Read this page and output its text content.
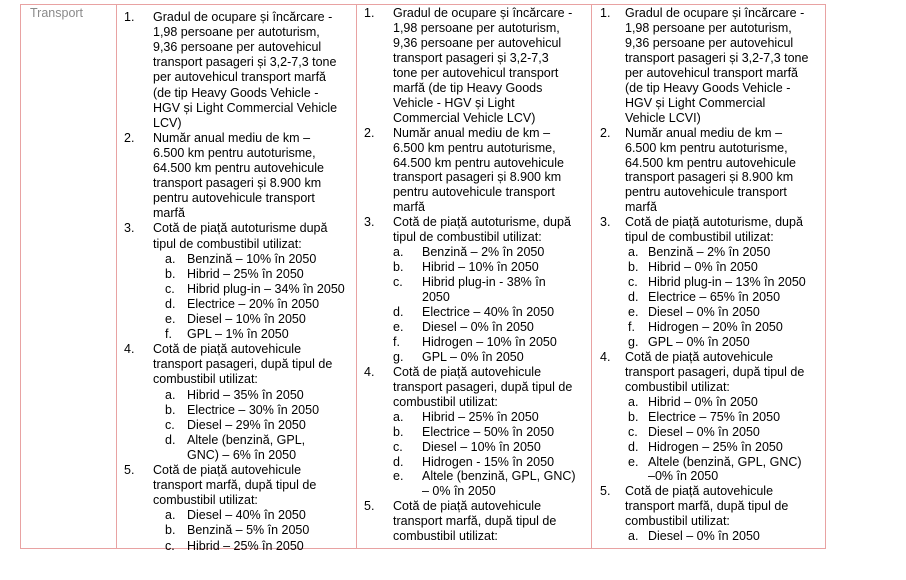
Transport	1. Gradul de ocupare și încărcare -
1,98 persoane per autoturism,
9,36 persoane per autovehicul
transport pasageri și 3,2-7,3 tone
per autovehicul transport marfă
(de tip Heavy Goods Vehicle -
HGV și Light Commercial Vehicle
LCV)
2. Număr anual mediu de km –
6.500 km pentru autoturisme,
64.500 km pentru autovehicule
transport pasageri și 8.900 km
pentru autovehicule transport
marfă
3. Cotă de piață autoturisme după
tipul de combustibil utilizat:
a. Benzină – 10% în 2050
b. Hibrid – 25% în 2050
c. Hibrid plug-in – 34% în 2050
d. Electrice – 20% în 2050
e. Diesel – 10% în 2050
f. GPL – 1% în 2050
4. Cotă de piață autovehicule
transport pasageri, după tipul de
combustibil utilizat:
a. Hibrid – 35% în 2050
b. Electrice – 30% în 2050
c. Diesel – 29% în 2050
d. Altele (benzină, GPL,
GNC) – 6% în 2050
5. Cotă de piață autovehicule
transport marfă, după tipul de
combustibil utilizat:
a. Diesel – 40% în 2050
b. Benzină – 5% în 2050
c. Hibrid – 25% în 2050
1. Gradul de ocupare și încărcare -
1,98 persoane per autoturism,
9,36 persoane per autovehicul
transport pasageri și 3,2-7,3
tone per autovehicul transport
marfă (de tip Heavy Goods
Vehicle - HGV și Light
Commercial Vehicle LCV)
2. Număr anual mediu de km –
6.500 km pentru autoturisme,
64.500 km pentru autovehicule
transport pasageri și 8.900 km
pentru autovehicule transport
marfă
3. Cotă de piață autoturisme, după
tipul de combustibil utilizat:
a. Benzină – 2% în 2050
b. Hibrid – 10% în 2050
c. Hibrid plug-in - 38% în
2050
d. Electrice – 40% în 2050
e. Diesel – 0% în 2050
f. Hidrogen – 10% în 2050
g. GPL – 0% în 2050
4. Cotă de piață autovehicule
transport pasageri, după tipul de
combustibil utilizat:
a. Hibrid – 25% în 2050
b. Electrice – 50% în 2050
c. Diesel – 10% în 2050
d. Hidrogen - 15% în 2050
e. Altele (benzină, GPL, GNC)
– 0% în 2050
5. Cotă de piață autovehicule
transport marfă, după tipul de
combustibil utilizat:
1. Gradul de ocupare și încărcare -
1,98 persoane per autoturism,
9,36 persoane per autovehicul
transport pasageri și 3,2-7,3 tone
per autovehicul transport marfă
(de tip Heavy Goods Vehicle -
HGV și Light Commercial
Vehicle LCVI)
2. Număr anual mediu de km –
6.500 km pentru autoturisme,
64.500 km pentru autovehicule
transport pasageri și 8.900 km
pentru autovehicule transport
marfă
3. Cotă de piață autoturisme, după
tipul de combustibil utilizat:
a. Benzină – 2% în 2050
b. Hibrid – 0% în 2050
c. Hibrid plug-in – 13% în 2050
d. Electrice – 65% în 2050
e. Diesel – 0% în 2050
f. Hidrogen – 20% în 2050
g. GPL – 0% în 2050
4. Cotă de piață autovehicule
transport pasageri, după tipul de
combustibil utilizat:
a. Hibrid – 0% în 2050
b. Electrice – 75% în 2050
c. Diesel – 0% în 2050
d. Hidrogen – 25% în 2050
e. Altele (benzină, GPL, GNC)
–0% în 2050
5. Cotă de piață autovehicule
transport marfă, după tipul de
combustibil utilizat:
a. Diesel – 0% în 2050
